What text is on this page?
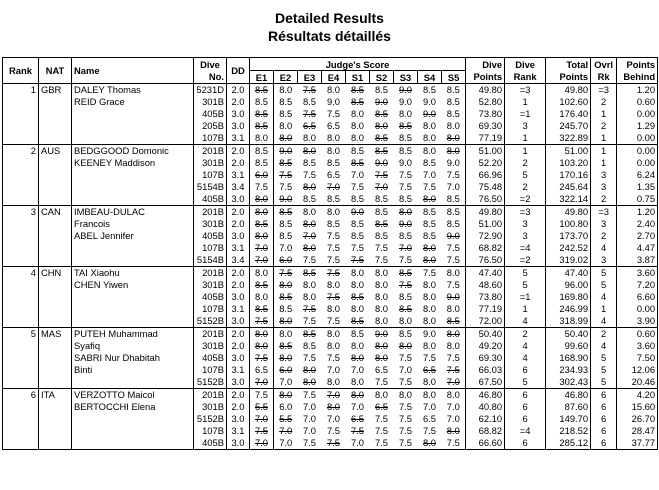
Detailed Results
Résultats détaillés
Rank	NAT	Name	Dive	DD	Judge's Score									Dive	Dive	Total	Ovrl	Points
			No.		E1	E2	E3	E4	S1	S2	S3	S4	S5	Points	Rank	Points	Rk	Behind
1	GBR	DALEY Thomas	5231D	2.0	8.5	8.0	7.5	8.0	8.5	8.5	9.0	8.5	8.5	49.80	=3	49.80	=3	1.20
		REID Grace	301B	2.0	8.5	8.5	8.5	9.0	8.5	9.0	9.0	9.0	8.5	52.80	1	102.60	2	0.60
			405B	3.0	8.5	8.5	7.5	7.5	8.0	8.5	8.0	9.0	8.5	73.80	=1	176.40	1	0.00
			205B	3.0	8.5	8.0	6.5	6.5	8.0	8.0	8.5	8.0	8.0	69.30	3	245.70	2	1.29
			107B	3.1	8.0	8.0	8.0	8.0	8.0	8.5	8.5	8.0	8.0	77.19	1	322.89	1	0.00
2	AUS	BEDGGOOD Domonic	201B	2.0	8.5	9.0	8.0	8.0	8.5	8.5	8.5	8.0	8.0	51.00	1	51.00	1	0.00
		KEENEY Maddison	301B	2.0	8.5	8.5	8.5	8.5	8.5	9.0	9.0	8.5	9.0	52.20	2	103.20	1	0.00
			107B	3.1	6.0	7.5	7.5	6.5	7.0	7.5	7.5	7.0	7.5	66.96	5	170.16	3	6.24
			5154B	3.4	7.5	7.5	8.0	7.0	7.5	7.0	7.5	7.5	7.0	75.48	2	245.64	3	1.35
			405B	3.0	8.0	9.0	8.5	8.5	8.5	8.5	8.5	8.0	8.5	76.50	=2	322.14	2	0.75
3	CAN	IMBEAU-DULAC	201B	2.0	8.0	8.5	8.0	8.0	9.0	8.5	8.0	8.5	8.5	49.80	=3	49.80	=3	1.20
		Francois	301B	2.0	8.5	8.5	8.0	8.5	8.5	8.5	9.0	8.5	8.5	51.00	3	100.80	3	2.40
		ABEL Jennifer	405B	3.0	8.0	8.5	7.0	7.5	8.5	8.5	8.5	8.5	9.0	72.90	3	173.70	2	2.70
			107B	3.1	7.0	7.0	8.0	7.5	7.5	7.5	7.0	8.0	7.5	68.82	=4	242.52	4	4.47
			5154B	3.4	7.0	6.0	7.5	7.5	7.5	7.5	7.5	8.0	7.5	76.50	=2	319.02	3	3.87
4	CHN	TAI Xiaohu	201B	2.0	8.0	7.5	8.5	7.5	8.0	8.0	8.5	7.5	8.0	47.40	5	47.40	5	3.60
		CHEN Yiwen	301B	2.0	8.5	8.0	8.0	8.0	8.0	8.0	7.5	8.0	7.5	48.60	5	96.00	5	7.20
			405B	3.0	8.0	8.5	8.0	7.5	8.5	8.0	8.5	8.0	9.0	73.80	=1	169.80	4	6.60
			107B	3.1	8.5	8.5	7.5	8.0	8.0	8.0	8.5	8.0	8.0	77.19	1	246.99	1	0.00
			5152B	3.0	7.5	8.0	7.5	7.5	8.5	8.0	8.0	8.0	8.5	72.00	4	318.99	4	3.90
5	MAS	PUTEH Muhammad	201B	2.0	8.0	8.0	8.5	8.0	8.5	9.0	8.5	9.0	8.0	50.40	2	50.40	2	0.60
		Syafiq	301B	2.0	8.0	8.5	8.5	8.0	8.0	8.0	8.0	8.0	8.0	49.20	4	99.60	4	3.60
		SABRI Nur Dhabitah	405B	3.0	7.5	8.0	7.5	7.5	8.0	8.0	7.5	7.5	7.5	69.30	4	168.90	5	7.50
		Binti	107B	3.1	6.5	6.0	8.0	7.0	7.0	6.5	7.0	6.5	7.5	66.03	6	234.93	5	12.06
			5152B	3.0	7.0	7.0	8.0	8.0	8.0	7.5	7.5	8.0	7.0	67.50	5	302.43	5	20.46
6	ITA	VERZOTTO Maicol	201B	2.0	7.5	8.0	7.5	7.0	8.0	8.0	8.0	8.0	8.0	46.80	6	46.80	6	4.20
		BERTOCCHI Elena	301B	2.0	5.5	6.0	7.0	8.0	7.0	6.5	7.5	7.0	7.0	40.80	6	87.60	6	15.60
			5152B	3.0	7.0	5.5	7.0	7.0	6.5	7.5	7.5	6.5	7.0	62.10	6	149.70	6	26.70
			107B	3.1	7.5	7.0	7.0	7.5	7.5	7.5	7.5	7.5	8.0	68.82	=4	218.52	6	28.47
			405B	3.0	7.0	7.0	7.5	7.5	7.0	7.5	7.5	8.0	7.5	66.60	6	285.12	6	37.77
